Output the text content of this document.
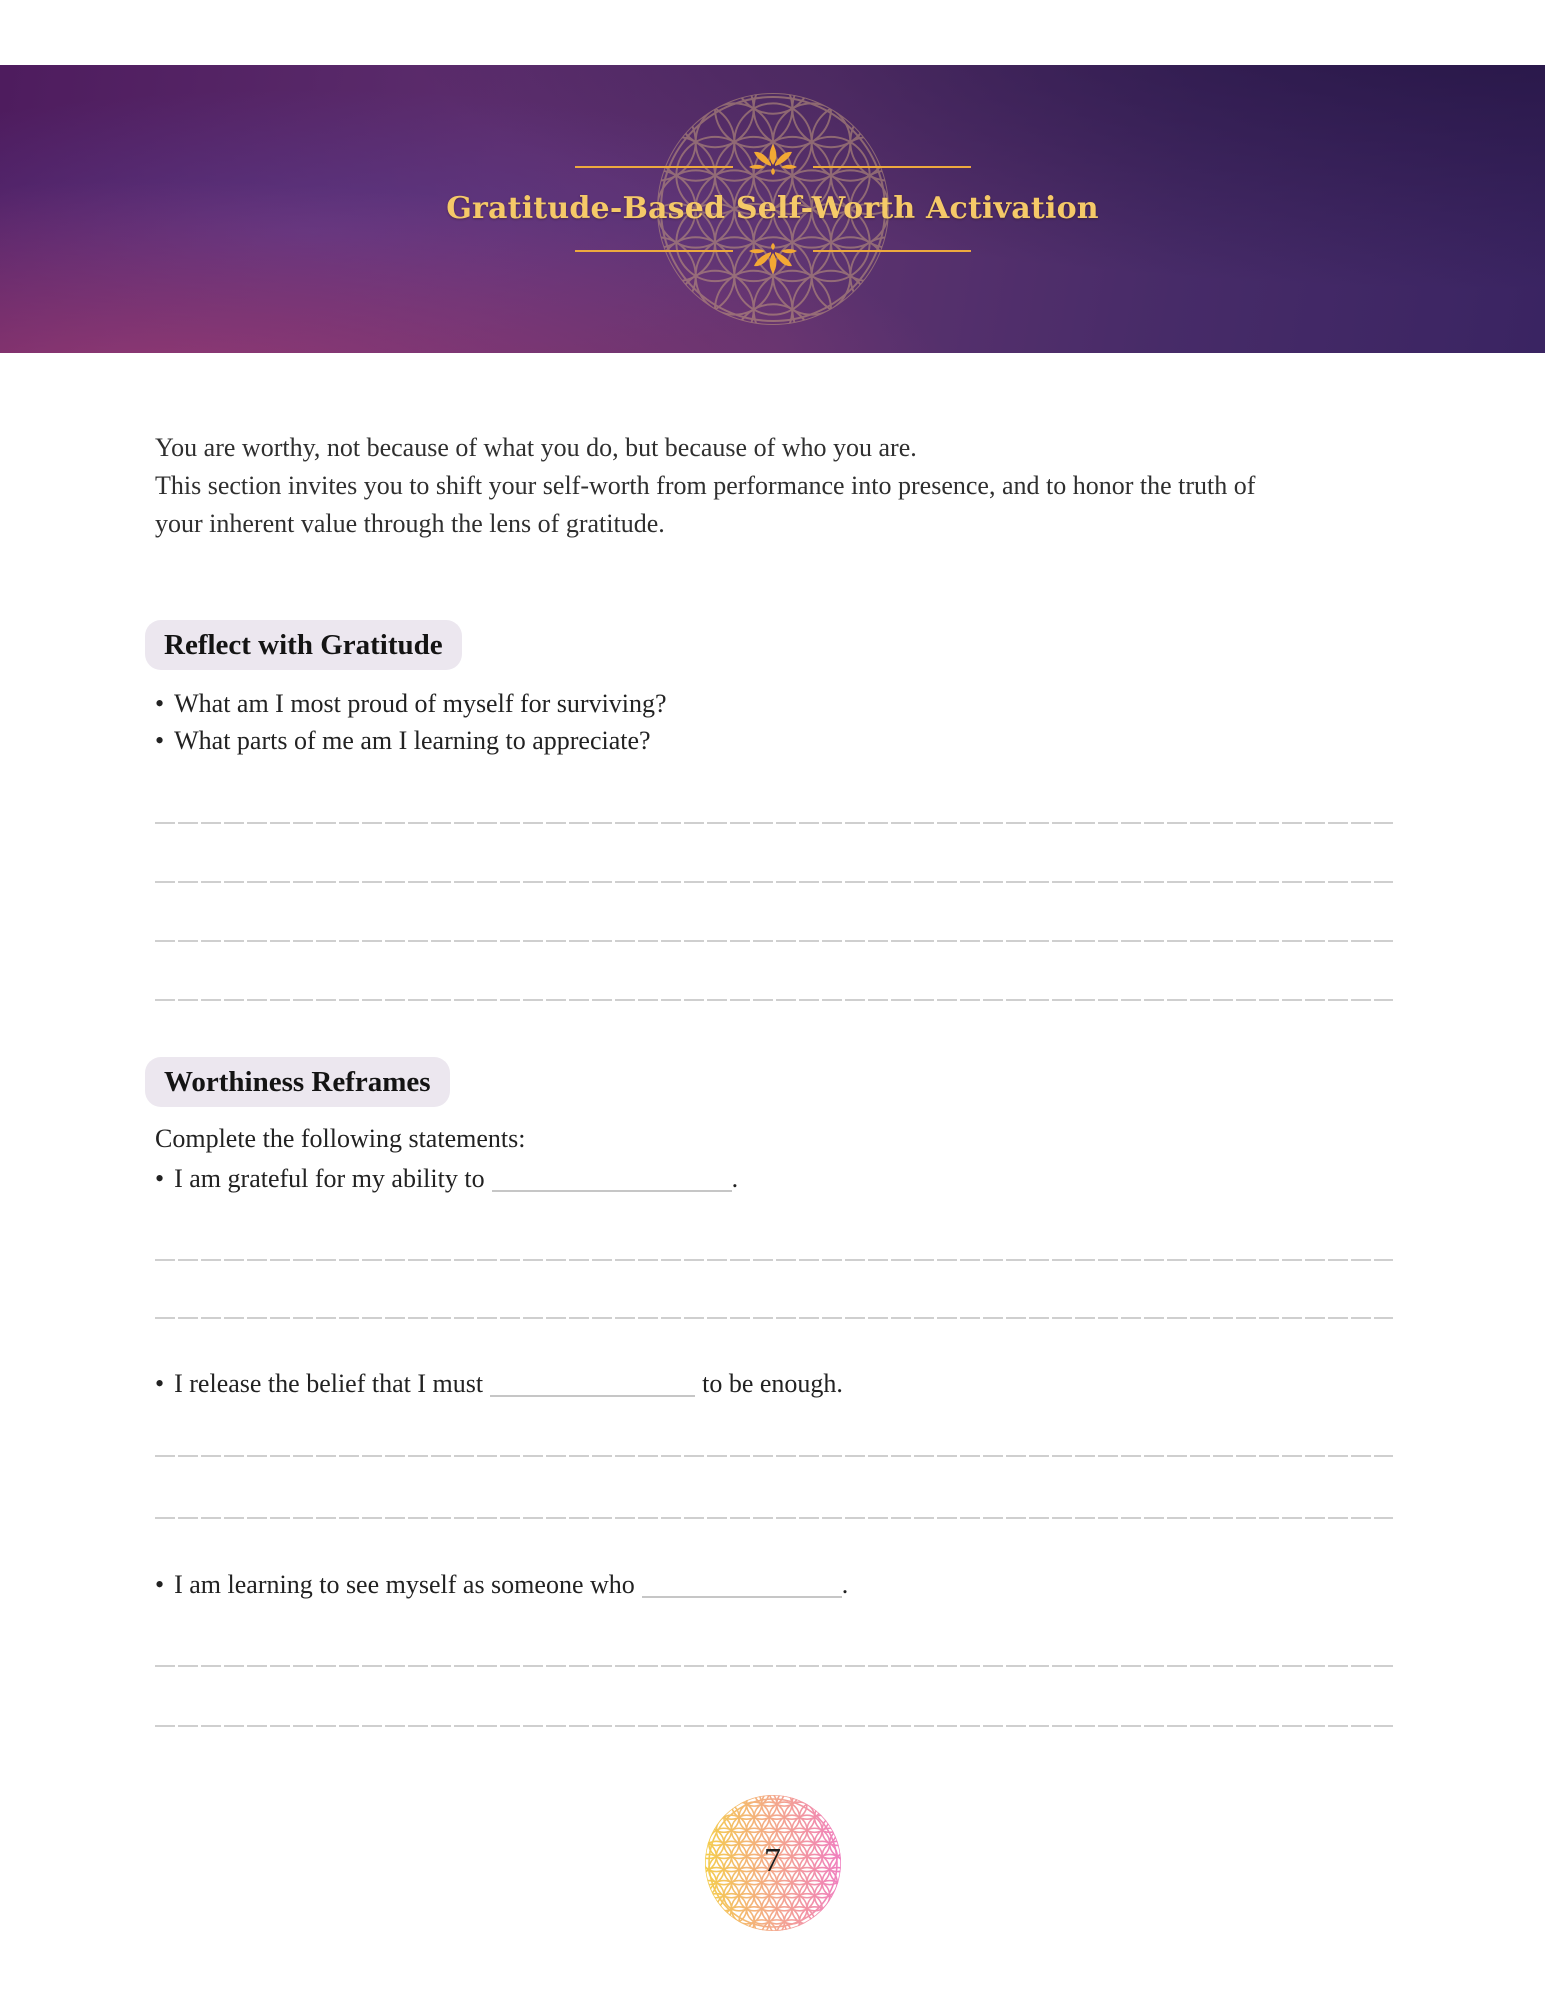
Gratitude-Based Self-Worth Activation

You are worthy, not because of what you do, but because of who you are.
This section invites you to shift your self-worth from performance into presence, and to honor the truth of
your inherent value through the lens of gratitude.

Reflect with Gratitude

• What am I most proud of myself for surviving?

• What parts of me am I learning to appreciate?

Worthiness Reframes

Complete the following statements:

• I am grateful for my ability to	.

• I release the belief that I must	to be enough.

• I am learning to see myself as someone who	.

7
